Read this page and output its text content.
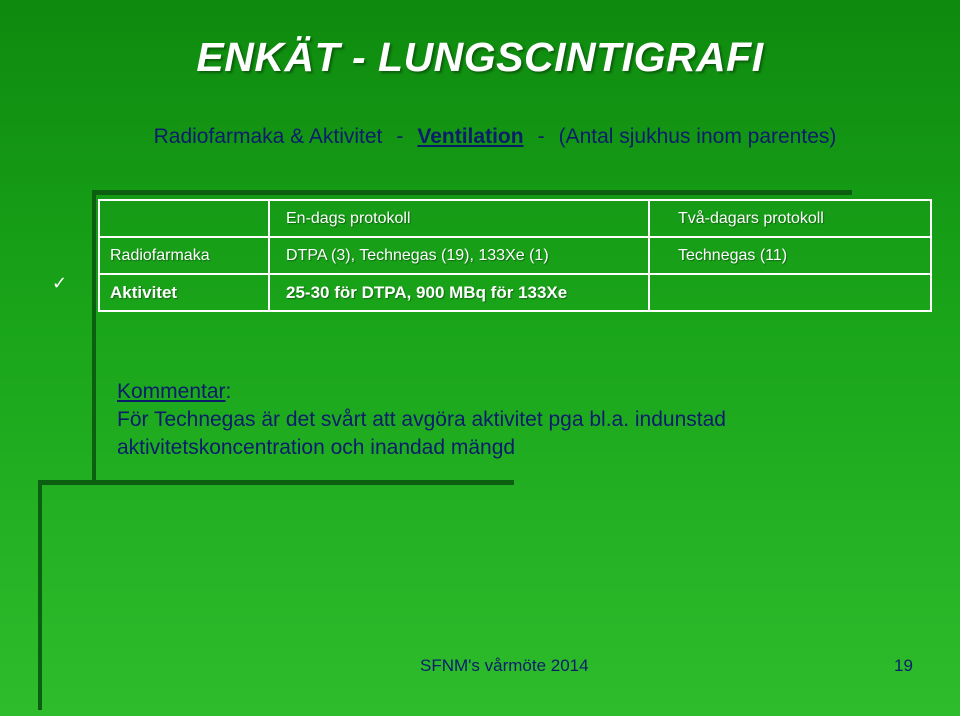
ENKÄT - LUNGSCINTIGRAFI
Radiofarmaka & Aktivitet - Ventilation - (Antal sjukhus inom parentes)
✓
	En-dags protokoll	Två-dagars protokoll
Radiofarmaka	DTPA (3), Technegas (19), 133Xe (1)	Technegas (11)
Aktivitet	25-30 för DTPA, 900 MBq för 133Xe	
Kommentar:
För Technegas är det svårt att avgöra aktivitet pga bl.a. indunstad
aktivitetskoncentration och inandad mängd
SFNM's vårmöte 2014	19
